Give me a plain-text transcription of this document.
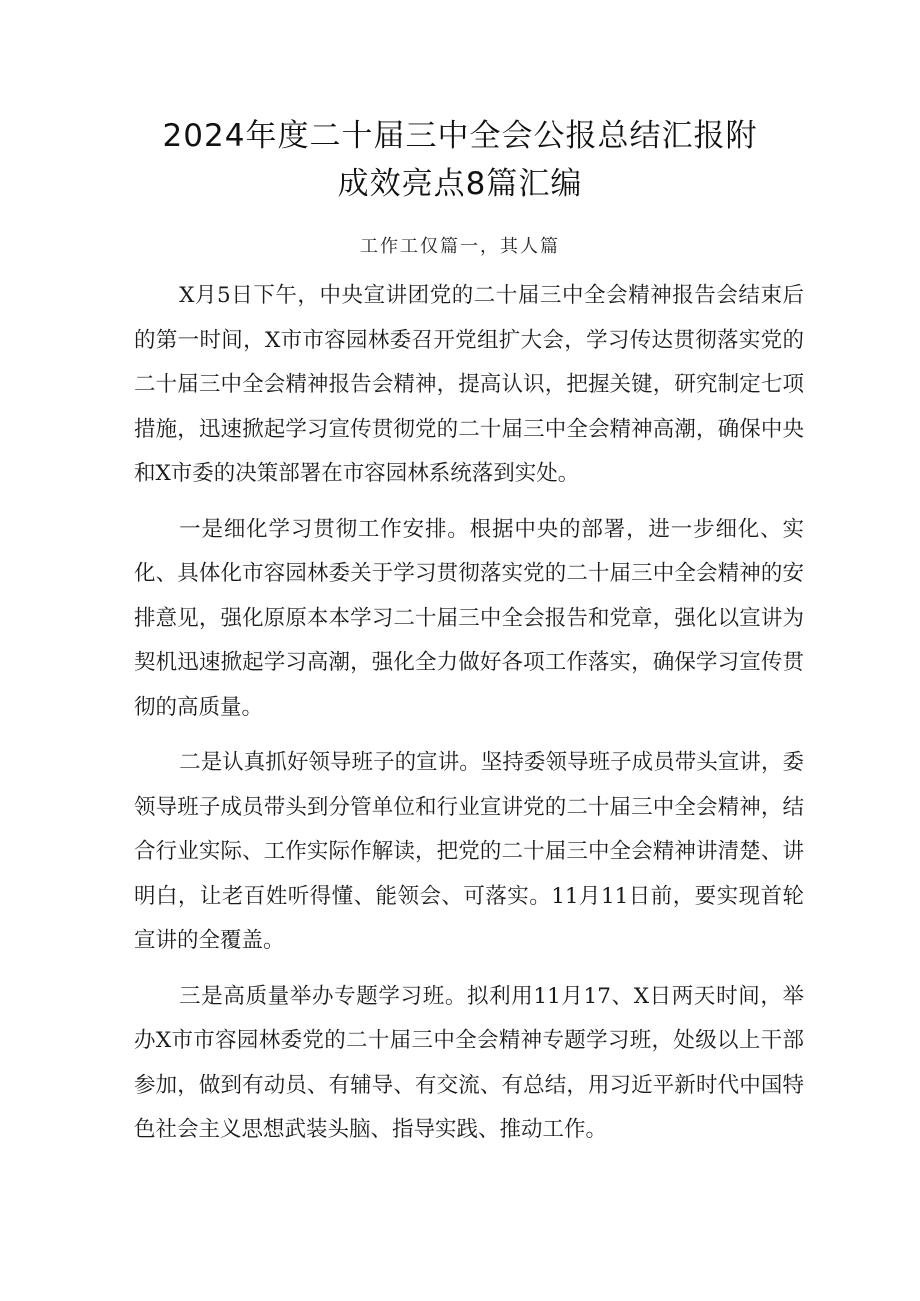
2024年度二十届三中全会公报总结汇报附
成效亮点8篇汇编

工作工仅篇一，其人篇

X月5日下午，中央宣讲团党的二十届三中全会精神报告会结束后的第一时间，X市市容园林委召开党组扩大会，学习传达贯彻落实党的二十届三中全会精神报告会精神，提高认识，把握关键，研究制定七项措施，迅速掀起学习宣传贯彻党的二十届三中全会精神高潮，确保中央和X市委的决策部署在市容园林系统落到实处。

一是细化学习贯彻工作安排。根据中央的部署，进一步细化、实化、具体化市容园林委关于学习贯彻落实党的二十届三中全会精神的安排意见，强化原原本本学习二十届三中全会报告和党章，强化以宣讲为契机迅速掀起学习高潮，强化全力做好各项工作落实，确保学习宣传贯彻的高质量。

二是认真抓好领导班子的宣讲。坚持委领导班子成员带头宣讲，委领导班子成员带头到分管单位和行业宣讲党的二十届三中全会精神，结合行业实际、工作实际作解读，把党的二十届三中全会精神讲清楚、讲明白，让老百姓听得懂、能领会、可落实。11月11日前，要实现首轮宣讲的全覆盖。

三是高质量举办专题学习班。拟利用11月17、X日两天时间，举办X市市容园林委党的二十届三中全会精神专题学习班，处级以上干部参加，做到有动员、有辅导、有交流、有总结，用习近平新时代中国特色社会主义思想武装头脑、指导实践、推动工作。
